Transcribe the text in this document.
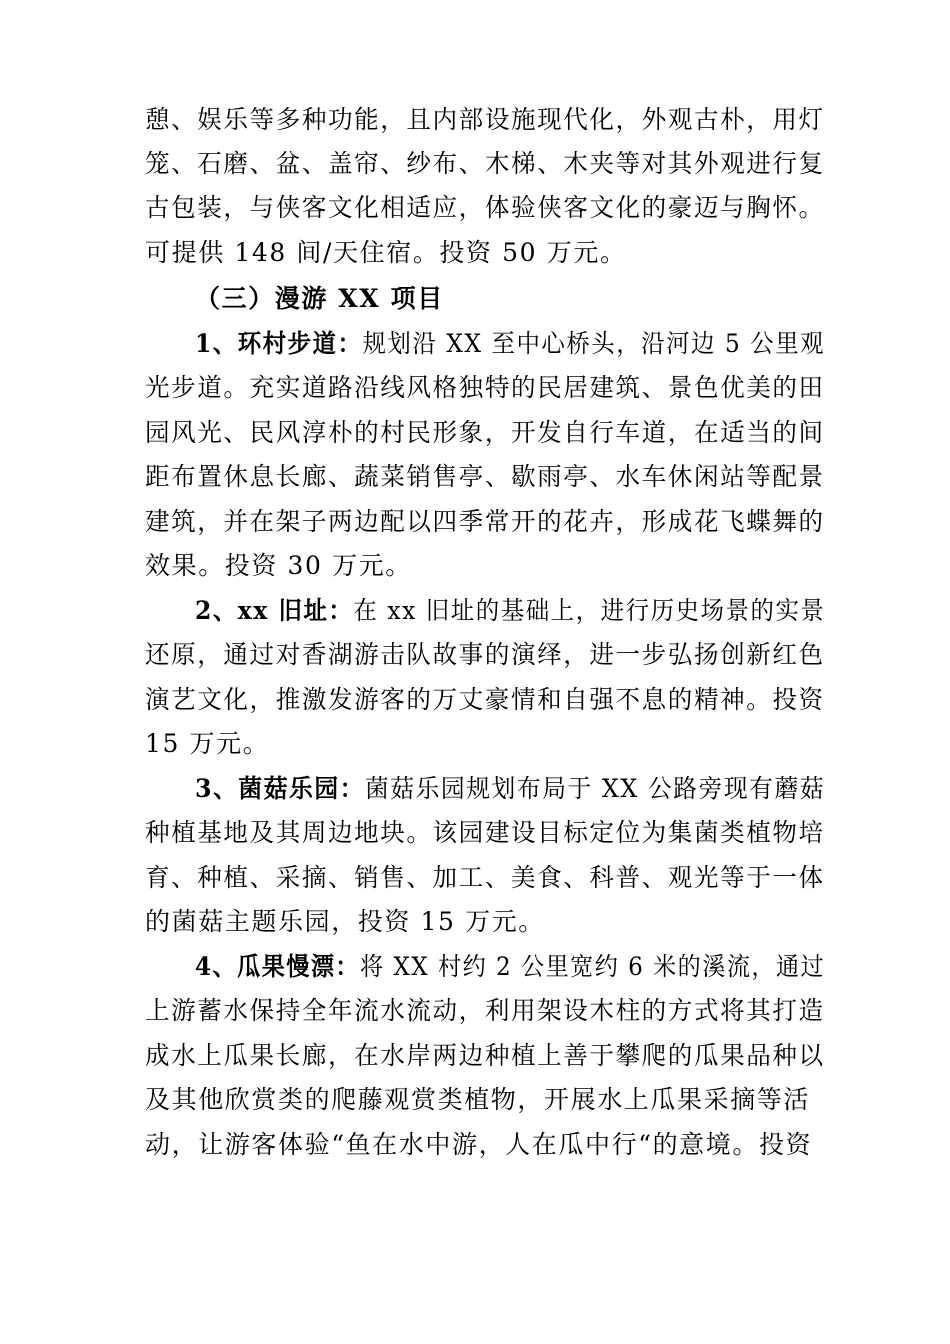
憩、娱乐等多种功能，且内部设施现代化，外观古朴，用灯
笼、石磨、盆、盖帘、纱布、木梯、木夹等对其外观进行复
古包装，与侠客文化相适应，体验侠客文化的豪迈与胸怀。
可提供 148 间/天住宿。投资 50 万元。
（三）漫游 XX 项目
1、环村步道：规划沿 XX 至中心桥头，沿河边 5 公里观
光步道。充实道路沿线风格独特的民居建筑、景色优美的田
园风光、民风淳朴的村民形象，开发自行车道，在适当的间
距布置休息长廊、蔬菜销售亭、歇雨亭、水车休闲站等配景
建筑，并在架子两边配以四季常开的花卉，形成花飞蝶舞的
效果。投资 30 万元。
2、xx 旧址：在 xx 旧址的基础上，进行历史场景的实景
还原，通过对香湖游击队故事的演绎，进一步弘扬创新红色
演艺文化，推激发游客的万丈豪情和自强不息的精神。投资
15 万元。
3、菌菇乐园：菌菇乐园规划布局于 XX 公路旁现有蘑菇
种植基地及其周边地块。该园建设目标定位为集菌类植物培
育、种植、采摘、销售、加工、美食、科普、观光等于一体
的菌菇主题乐园，投资 15 万元。
4、瓜果慢漂：将 XX 村约 2 公里宽约 6 米的溪流，通过
上游蓄水保持全年流水流动，利用架设木柱的方式将其打造
成水上瓜果长廊，在水岸两边种植上善于攀爬的瓜果品种以
及其他欣赏类的爬藤观赏类植物，开展水上瓜果采摘等活
动，让游客体验“鱼在水中游，人在瓜中行“的意境。投资
